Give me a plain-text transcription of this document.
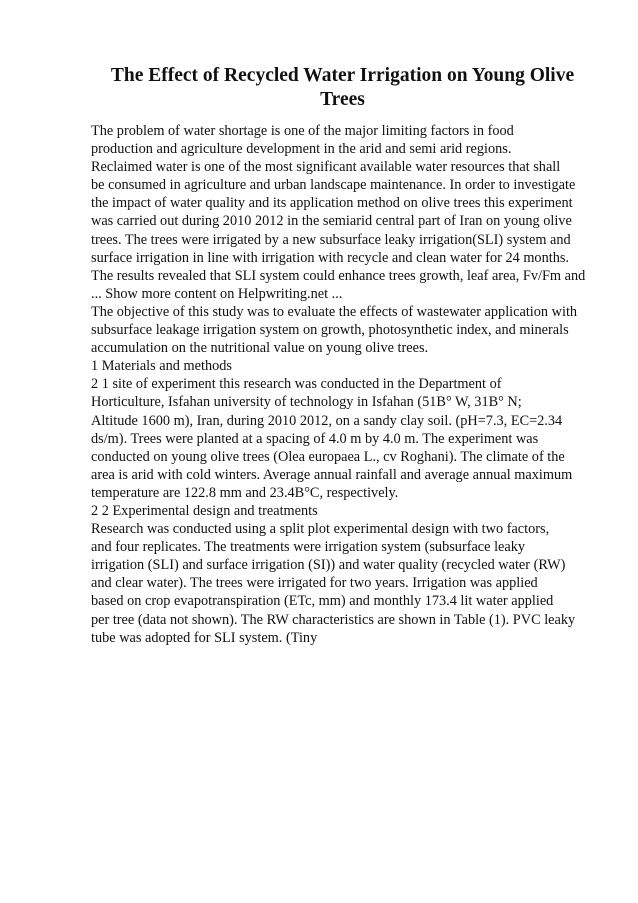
The Effect of Recycled Water Irrigation on Young Olive
Trees
The problem of water shortage is one of the major limiting factors in food
production and agriculture development in the arid and semi arid regions.
Reclaimed water is one of the most significant available water resources that shall
be consumed in agriculture and urban landscape maintenance. In order to investigate
the impact of water quality and its application method on olive trees this experiment
was carried out during 2010 2012 in the semiarid central part of Iran on young olive
trees. The trees were irrigated by a new subsurface leaky irrigation(SLI) system and
surface irrigation in line with irrigation with recycle and clean water for 24 months.
The results revealed that SLI system could enhance trees growth, leaf area, Fv/Fm and
... Show more content on Helpwriting.net ...
The objective of this study was to evaluate the effects of wastewater application with
subsurface leakage irrigation system on growth, photosynthetic index, and minerals
accumulation on the nutritional value on young olive trees.
1 Materials and methods
2 1 site of experiment this research was conducted in the Department of
Horticulture, Isfahan university of technology in Isfahan (51B° W, 31B° N;
Altitude 1600 m), Iran, during 2010 2012, on a sandy clay soil. (pH=7.3, EC=2.34
ds/m). Trees were planted at a spacing of 4.0 m by 4.0 m. The experiment was
conducted on young olive trees (Olea europaea L., cv Roghani). The climate of the
area is arid with cold winters. Average annual rainfall and average annual maximum
temperature are 122.8 mm and 23.4B°C, respectively.
2 2 Experimental design and treatments
Research was conducted using a split plot experimental design with two factors,
and four replicates. The treatments were irrigation system (subsurface leaky
irrigation (SLI) and surface irrigation (SI)) and water quality (recycled water (RW)
and clear water). The trees were irrigated for two years. Irrigation was applied
based on crop evapotranspiration (ETc, mm) and monthly 173.4 lit water applied
per tree (data not shown). The RW characteristics are shown in Table (1). PVC leaky
tube was adopted for SLI system. (Tiny
